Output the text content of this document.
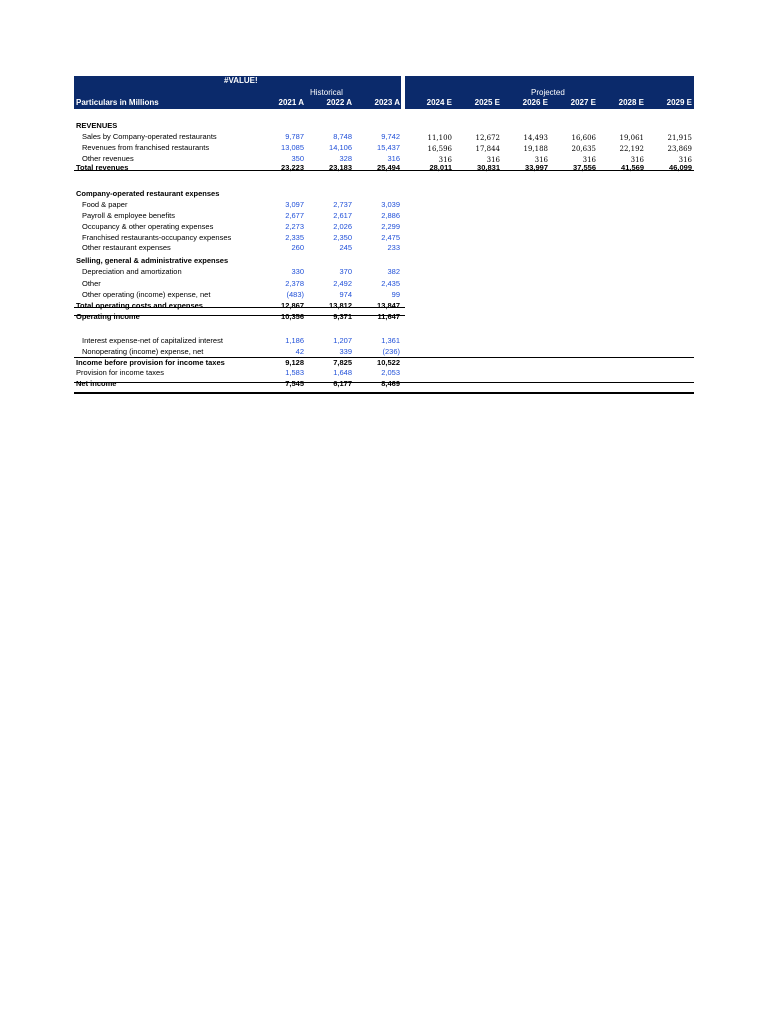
#VALUE!
Historical	Projected
Particulars in Millions	2021 A	2022 A	2023 A	2024 E	2025 E	2026 E	2027 E	2028 E	2029 E
REVENUES
Sales by Company-operated restaurants	9,787	8,748	9,742	11,100	12,672	14,493	16,606	19,061	21,915
Revenues from franchised restaurants	13,085	14,106	15,437	16,596	17,844	19,188	20,635	22,192	23,869
Other revenues	350	328	316	316	316	316	316	316	316
Total revenues	23,223	23,183	25,494	28,011	30,831	33,997	37,556	41,569	46,099
Company-operated restaurant expenses
Food & paper	3,097	2,737	3,039
Payroll & employee benefits	2,677	2,617	2,886
Occupancy & other operating expenses	2,273	2,026	2,299
Franchised restaurants-occupancy expenses	2,335	2,350	2,475
Other restaurant expenses	260	245	233
Selling, general & administrative expenses
Depreciation and amortization	330	370	382
Other	2,378	2,492	2,435
Other operating (income) expense, net	(483)	974	99
Total operating costs and expenses	12,867	13,812	13,847
Operating income	10,356	9,371	11,647
Interest expense-net of capitalized interest	1,186	1,207	1,361
Nonoperating (income) expense, net	42	339	(236)
Income before provision for income taxes	9,128	7,825	10,522
Provision for income taxes	1,583	1,648	2,053
Net income	7,545	6,177	8,469
